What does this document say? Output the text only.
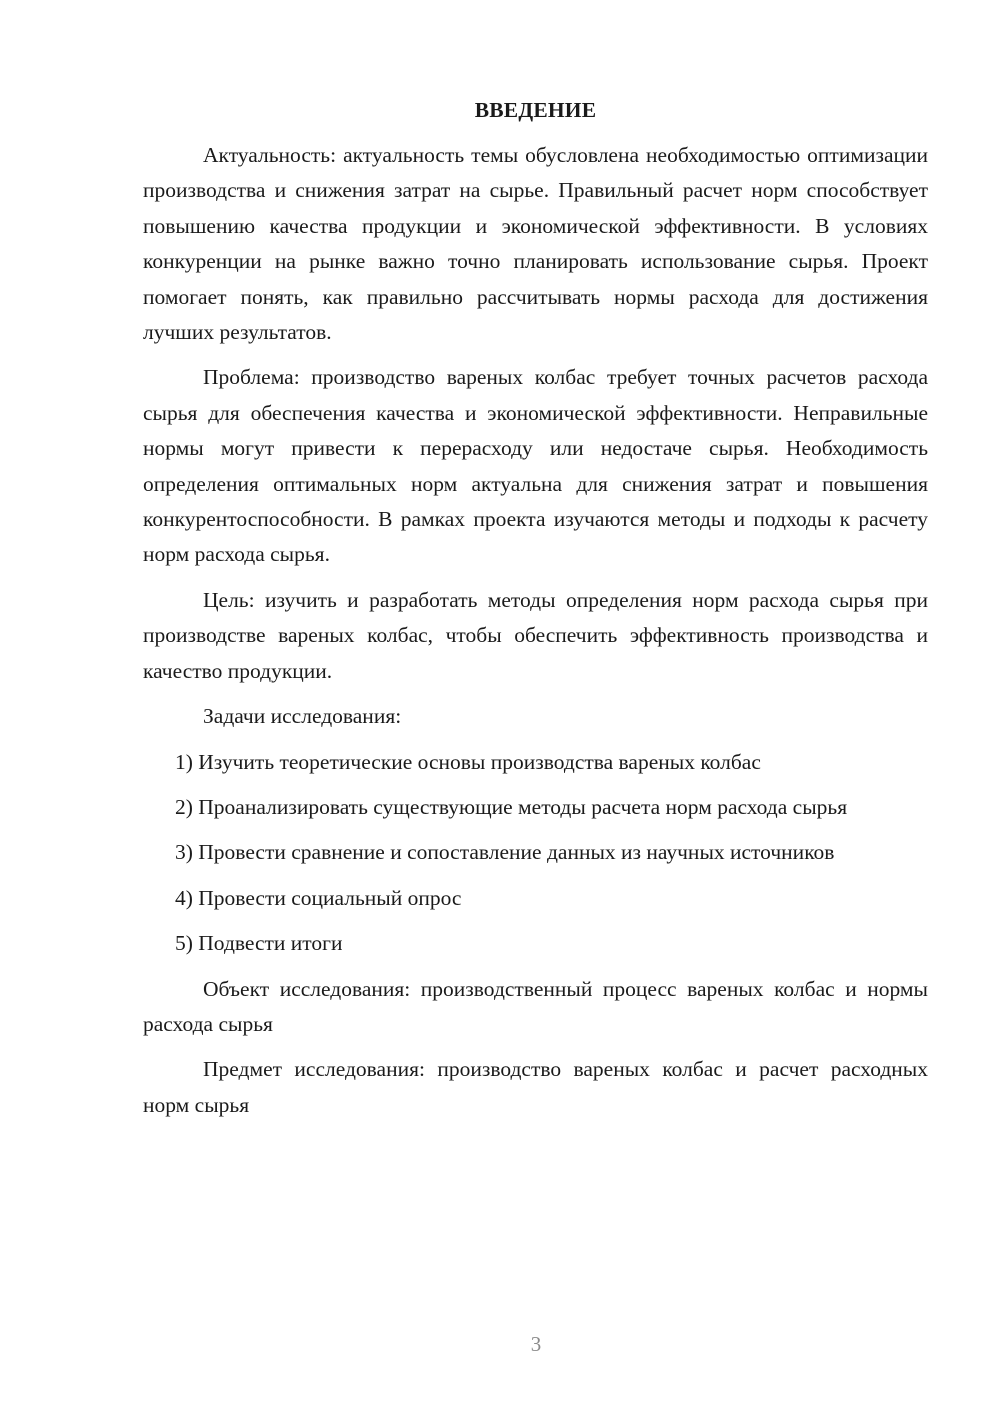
ВВЕДЕНИЕ

Актуальность: актуальность темы обусловлена необходимостью оптимизации производства и снижения затрат на сырье. Правильный расчет норм способствует повышению качества продукции и экономической эффективности. В условиях конкуренции на рынке важно точно планировать использование сырья. Проект помогает понять, как правильно рассчитывать нормы расхода для достижения лучших результатов.

Проблема: производство вареных колбас требует точных расчетов расхода сырья для обеспечения качества и экономической эффективности. Неправильные нормы могут привести к перерасходу или недостаче сырья. Необходимость определения оптимальных норм актуальна для снижения затрат и повышения конкурентоспособности. В рамках проекта изучаются методы и подходы к расчету норм расхода сырья.

Цель: изучить и разработать методы определения норм расхода сырья при производстве вареных колбас, чтобы обеспечить эффективность производства и качество продукции.

Задачи исследования:

1) Изучить теоретические основы производства вареных колбас

2) Проанализировать существующие методы расчета норм расхода сырья

3) Провести сравнение и сопоставление данных из научных источников

4) Провести социальный опрос

5) Подвести итоги

Объект исследования: производственный процесс вареных колбас и нормы расхода сырья

Предмет исследования: производство вареных колбас и расчет расходных норм сырья

3
